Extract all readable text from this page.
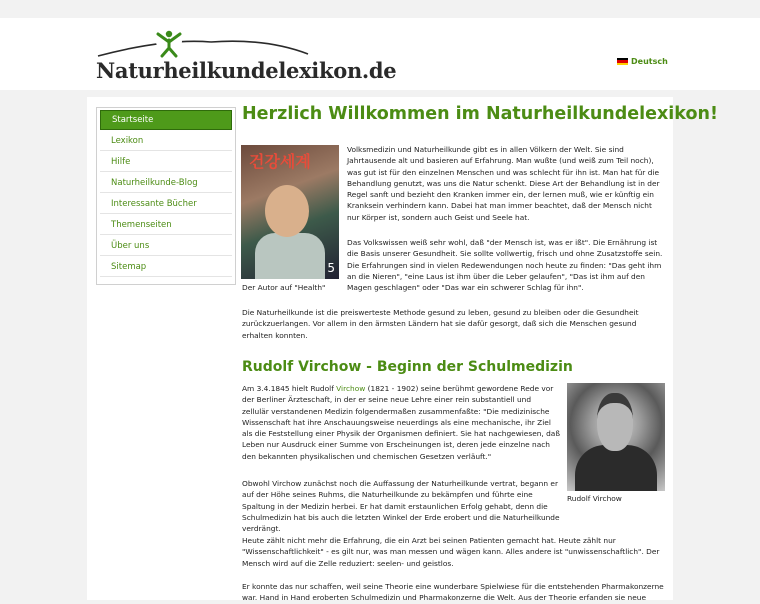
Naturheilkundelexikon.de	Deutsch
Startseite
Lexikon
Hilfe
Naturheilkunde-Blog
Interessante Bücher
Themenseiten
Über uns
Sitemap
Herzlich Willkommen im Naturheilkundelexikon!
건강세계
5
Der Autor auf "Health"

Volksmedizin und Naturheilkunde gibt es in allen Völkern der Welt. Sie sind Jahrtausende alt und basieren auf Erfahrung. Man wußte (und weiß zum Teil noch), was gut ist für den einzelnen Menschen und was schlecht für ihn ist. Man hat für die Behandlung genutzt, was uns die Natur schenkt. Diese Art der Behandlung ist in der Regel sanft und bezieht den Kranken immer ein, der lernen muß, wie er künftig ein Kranksein verhindern kann. Dabei hat man immer beachtet, daß der Mensch nicht nur Körper ist, sondern auch Geist und Seele hat.

Das Volkswissen weiß sehr wohl, daß "der Mensch ist, was er ißt". Die Ernährung ist die Basis unserer Gesundheit. Sie sollte vollwertig, frisch und ohne Zusatzstoffe sein. Die Erfahrungen sind in vielen Redewendungen noch heute zu finden: "Das geht ihm an die Nieren", "eine Laus ist ihm über die Leber gelaufen", "Das ist ihm auf den Magen geschlagen" oder "Das war ein schwerer Schlag für ihn".

Die Naturheilkunde ist die preiswerteste Methode gesund zu leben, gesund zu bleiben oder die Gesundheit zurückzuerlangen. Vor allem in den ärmsten Ländern hat sie dafür gesorgt, daß sich die Menschen gesund erhalten konnten.

Rudolf Virchow - Beginn der Schulmedizin

Am 3.4.1845 hielt Rudolf Virchow (1821 - 1902) seine berühmt gewordene Rede vor der Berliner Ärzteschaft, in der er seine neue Lehre einer rein substantiell und zellulär verstandenen Medizin folgendermaßen zusammenfaßte: "Die medizinische Wissenschaft hat ihre Anschauungsweise neuerdings als eine mechanische, ihr Ziel als die Feststellung einer Physik der Organismen definiert. Sie hat nachgewiesen, daß Leben nur Ausdruck einer Summe von Erscheinungen ist, deren jede einzelne nach den bekannten physikalischen und chemischen Gesetzen verläuft."

Rudolf Virchow

Obwohl Virchow zunächst noch die Auffassung der Naturheilkunde vertrat, begann er auf der Höhe seines Ruhms, die Naturheilkunde zu bekämpfen und führte eine Spaltung in der Medizin herbei. Er hat damit erstaunlichen Erfolg gehabt, denn die Schulmedizin hat bis auch die letzten Winkel der Erde erobert und die Naturheilkunde verdrängt.

Heute zählt nicht mehr die Erfahrung, die ein Arzt bei seinen Patienten gemacht hat. Heute zählt nur "Wissenschaftlichkeit" - es gilt nur, was man messen und wägen kann. Alles andere ist "unwissenschaftlich". Der Mensch wird auf die Zelle reduziert: seelen- und geistlos.

Er konnte das nur schaffen, weil seine Theorie eine wunderbare Spielwiese für die entstehenden Pharmakonzerne war. Hand in Hand eroberten Schulmedizin und Pharmakonzerne die Welt. Aus der Theorie erfanden sie neue
